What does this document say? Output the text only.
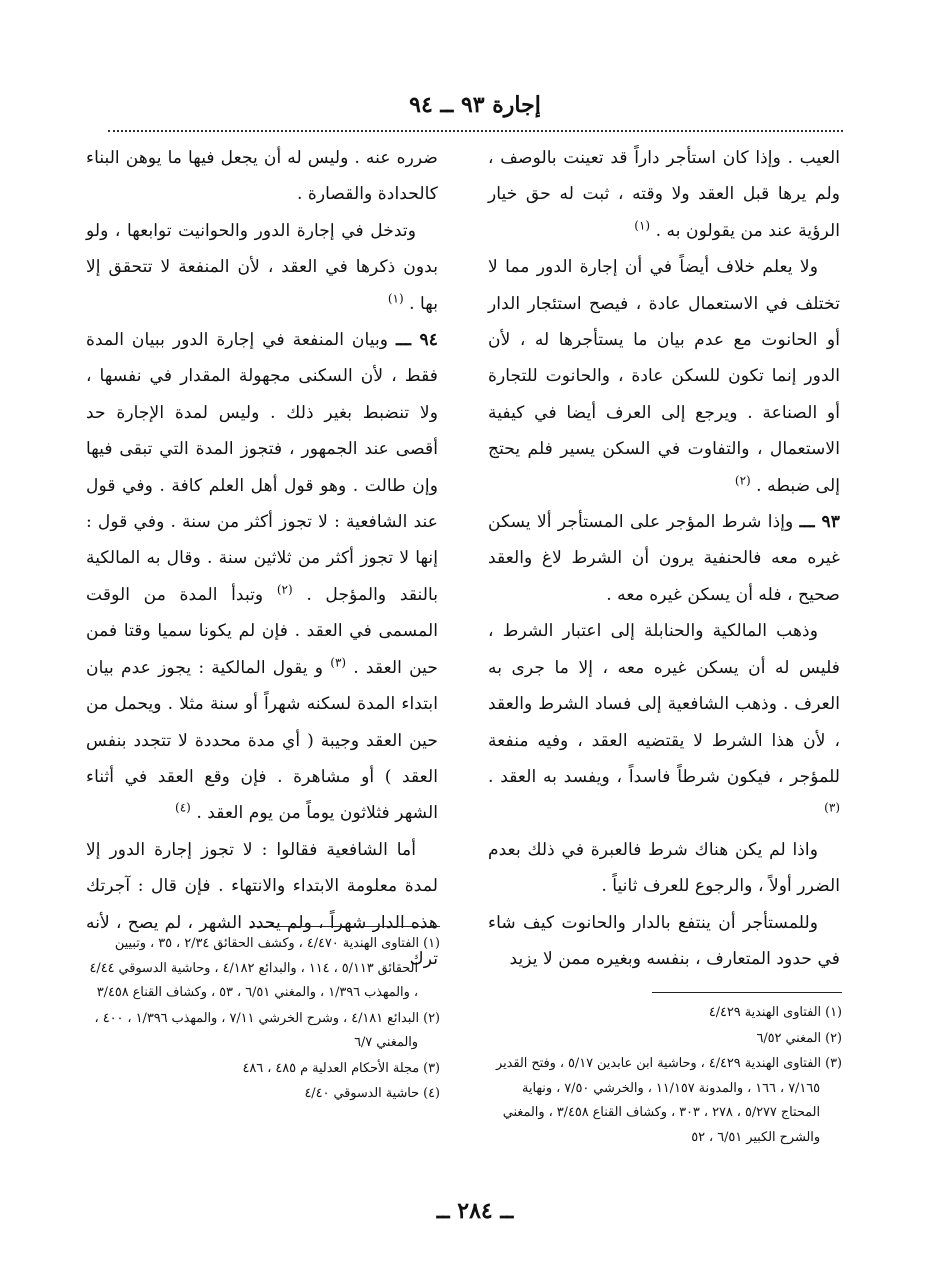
إجارة ٩٣ ــ ٩٤

العيب . وإذا كان استأجر داراً قد تعينت بالوصف ، ولم يرها قبل العقد ولا وقته ، ثبت له حق خيار الرؤية عند من يقولون به . $^{(١)}$

ولا يعلم خلاف أيضاً في أن إجارة الدور مما لا تختلف في الاستعمال عادة ، فيصح استئجار الدار أو الحانوت مع عدم بيان ما يستأجرها له ، لأن الدور إنما تكون للسكن عادة ، والحانوت للتجارة أو الصناعة . ويرجع إلى العرف أيضا في كيفية الاستعمال ، والتفاوت في السكن يسير فلم يحتج إلى ضبطه . $^{(٢)}$

٩٣ ـــ وإذا شرط المؤجر على المستأجر ألا يسكن غيره معه فالحنفية يرون أن الشرط لاغ والعقد صحيح ، فله أن يسكن غيره معه .

وذهب المالكية والحنابلة إلى اعتبار الشرط ، فليس له أن يسكن غيره معه ، إلا ما جرى به العرف . وذهب الشافعية إلى فساد الشرط والعقد ، لأن هذا الشرط لا يقتضيه العقد ، وفيه منفعة للمؤجر ، فيكون شرطاً فاسداً ، ويفسد به العقد . $^{(٣)}$

واذا لم يكن هناك شرط فالعبرة في ذلك بعدم الضرر أولاً ، والرجوع للعرف ثانياً .

وللمستأجر أن ينتفع بالدار والحانوت كيف شاء في حدود المتعارف ، بنفسه وبغيره ممن لا يزيد

ضرره عنه . وليس له أن يجعل فيها ما يوهن البناء كالحدادة والقصارة .

وتدخل في إجارة الدور والحوانيت توابعها ، ولو بدون ذكرها في العقد ، لأن المنفعة لا تتحقق إلا بها . $^{(١)}$

٩٤ ـــ وبيان المنفعة في إجارة الدور ببيان المدة فقط ، لأن السكنى مجهولة المقدار في نفسها ، ولا تنضبط بغير ذلك . وليس لمدة الإجارة حد أقصى عند الجمهور ، فتجوز المدة التي تبقى فيها وإن طالت . وهو قول أهل العلم كافة . وفي قول عند الشافعية : لا تجوز أكثر من سنة . وفي قول : إنها لا تجوز أكثر من ثلاثين سنة . وقال به المالكية بالنقد والمؤجل . $^{(٢)}$ وتبدأ المدة من الوقت المسمى في العقد . فإن لم يكونا سميا وقتا فمن حين العقد . $^{(٣)}$ و يقول المالكية : يجوز عدم بيان ابتداء المدة لسكنه شهراً أو سنة مثلا . ويحمل من حين العقد وجيبة ( أي مدة محددة لا تتجدد بنفس العقد ) أو مشاهرة . فإن وقع العقد في أثناء الشهر فثلاثون يوماً من يوم العقد . $^{(٤)}$

أما الشافعية فقالوا : لا تجوز إجارة الدور إلا لمدة معلومة الابتداء والانتهاء . فإن قال : آجرتك هذه الدار شهراً ، ولم يحدد الشهر ، لم يصح ، لأنه ترك

(١) الفتاوى الهندية ٤/٤٢٩

(٢) المغني ٦/٥٢

(٣) الفتاوى الهندية ٤/٤٢٩ ، وحاشية ابن عابدين ٥/١٧ ، وفتح القدير ٧/١٦٥ ، ١٦٦ ، والمدونة ١١/١٥٧ ، والخرشي ٧/٥٠ ، ونهاية المحتاج ٥/٢٧٧ ، ٢٧٨ ، ٣٠٣ ، وكشاف القناع ٣/٤٥٨ ، والمغني والشرح الكبير ٦/٥١ ، ٥٢

(١) الفتاوى الهندية ٤/٤٧٠ ، وكشف الحقائق ٢/٣٤ ، ٣٥ ، وتبيين الحقائق ٥/١١٣ ، ١١٤ ، والبدائع ٤/١٨٢ ، وحاشية الدسوقي ٤/٤٤ ، والمهذب ١/٣٩٦ ، والمغني ٦/٥١ ، ٥٣ ، وكشاف القناع ٣/٤٥٨

(٢) البدائع ٤/١٨١ ، وشرح الخرشي ٧/١١ ، والمهذب ١/٣٩٦ ، ٤٠٠ ، والمغني ٦/٧

(٣) مجلة الأحكام العدلية م ٤٨٥ ، ٤٨٦

(٤) حاشية الدسوقي ٤/٤٠

ــ ٢٨٤ ــ
